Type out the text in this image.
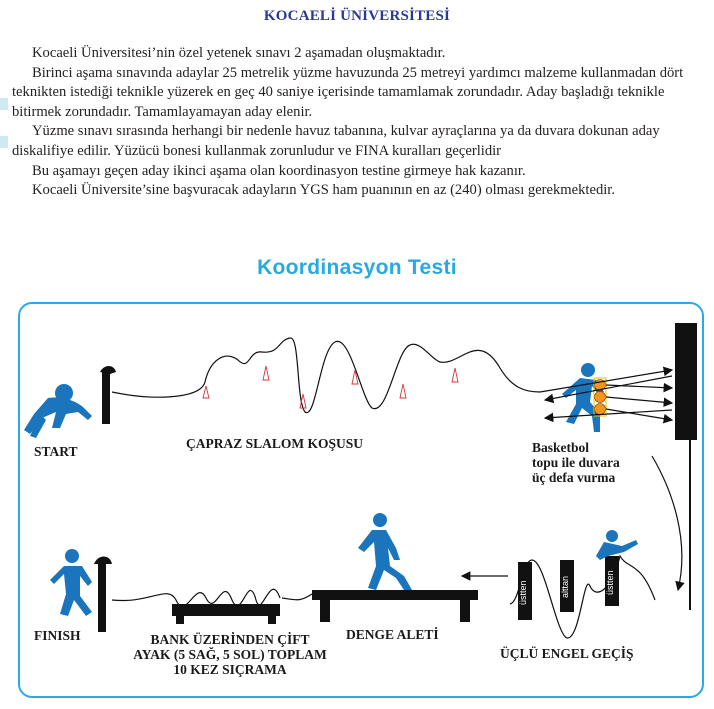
KOCAELİ ÜNİVERSİTESİ

Kocaeli Üniversitesi’nin özel yetenek sınavı 2 aşamadan oluşmaktadır.

Birinci aşama sınavında adaylar 25 metrelik yüzme havuzunda 25 metreyi yardımcı malzeme kullanmadan dört teknikten istediği teknikle yüzerek en geç 40 saniye içerisinde tamamlamak zorundadır. Aday başladığı teknikle bitirmek zorundadır. Tamamlayamayan aday elenir.

Yüzme sınavı sırasında herhangi bir nedenle havuz tabanına, kulvar ayraçlarına ya da duvara dokunan aday diskalifiye edilir. Yüzücü bonesi kullanmak zorunludur ve FINA kuralları geçerlidir

Bu aşamayı geçen aday ikinci aşama olan koordinasyon testine girmeye hak kazanır.

Kocaeli Üniversite’sine başvuracak adayların YGS ham puanının en az (240) olması gerekmektedir.

Koordinasyon Testi
START
ÇAPRAZ SLALOM KOŞUSU	Basketbol
topu ile duvara
üç defa vurma
üstten	alttan	üstten
ÜÇLÜ ENGEL GEÇİŞ
DENGE ALETİ
BANK ÜZERİNDEN ÇİFT
AYAK (5 SAĞ, 5 SOL) TOPLAM
10 KEZ SIÇRAMA
FINISH
